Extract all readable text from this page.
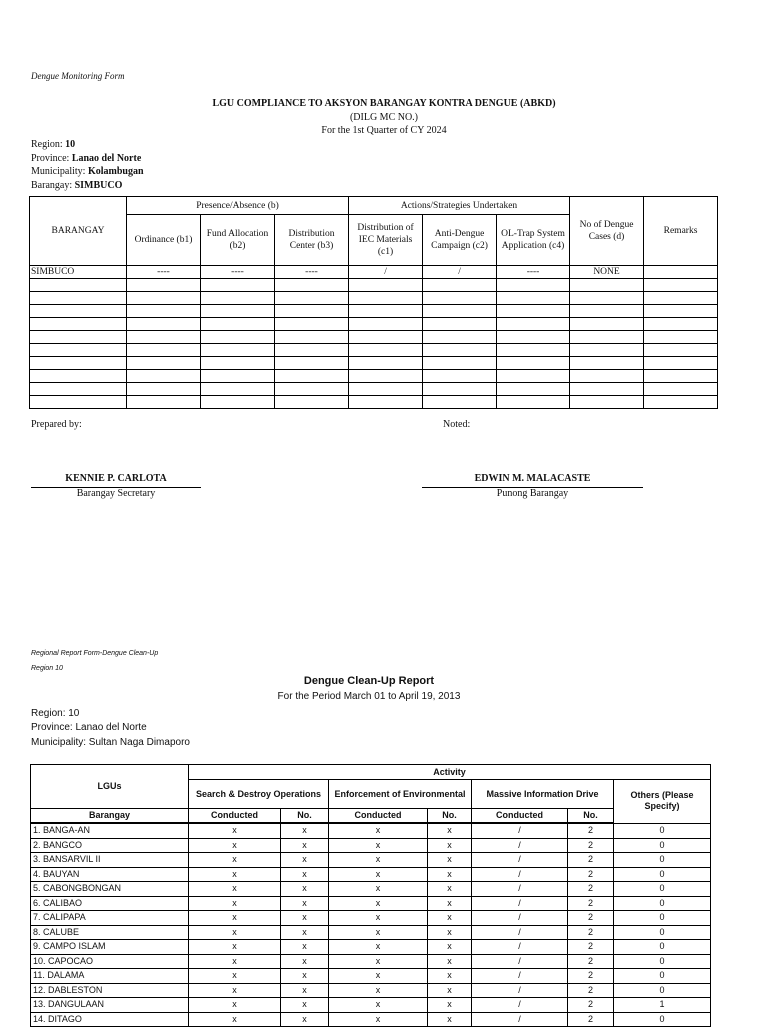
Dengue Monitoring Form
LGU COMPLIANCE TO AKSYON BARANGAY KONTRA DENGUE (ABKD)
(DILG MC NO.)
For the 1st Quarter of CY 2024
Region: 10
Province: Lanao del Norte
Municipality: Kolambugan
Barangay: SIMBUCO
BARANGAY	Presence/Absence (b)			Actions/Strategies Undertaken			No of Dengue Cases (d)	Remarks
	Ordinance (b1)	Fund Allocation (b2)	Distribution Center (b3)	Distribution of IEC Materials (c1)	Anti-Dengue Campaign (c2)	OL-Trap System Application (c4)		
SIMBUCO	----	----	----	/	/	----	NONE	

Prepared by:	Noted:
KENNIE P. CARLOTA
Barangay Secretary
EDWIN M. MALACASTE
Punong Barangay
Regional Report Form-Dengue Clean-Up
Region 10
Dengue Clean-Up Report
For the Period March 01 to April 19, 2013
Region: 10
Province: Lanao del Norte
Municipality: Sultan Naga Dimaporo
LGUs	Activity						
	Search & Destroy Operations		Enforcement of Environmental		Massive Information Drive		Others (Please Specify)
Barangay	Conducted	No.	Conducted	No.	Conducted	No.	
1. BANGA-AN	x	x	x	x	/	2	0
2. BANGCO	x	x	x	x	/	2	0
3. BANSARVIL II	x	x	x	x	/	2	0
4. BAUYAN	x	x	x	x	/	2	0
5. CABONGBONGAN	x	x	x	x	/	2	0
6. CALIBAO	x	x	x	x	/	2	0
7. CALIPAPA	x	x	x	x	/	2	0
8. CALUBE	x	x	x	x	/	2	0
9. CAMPO ISLAM	x	x	x	x	/	2	0
10. CAPOCAO	x	x	x	x	/	2	0
11. DALAMA	x	x	x	x	/	2	0
12. DABLESTON	x	x	x	x	/	2	0
13. DANGULAAN	x	x	x	x	/	2	1
14. DITAGO	x	x	x	x	/	2	0
